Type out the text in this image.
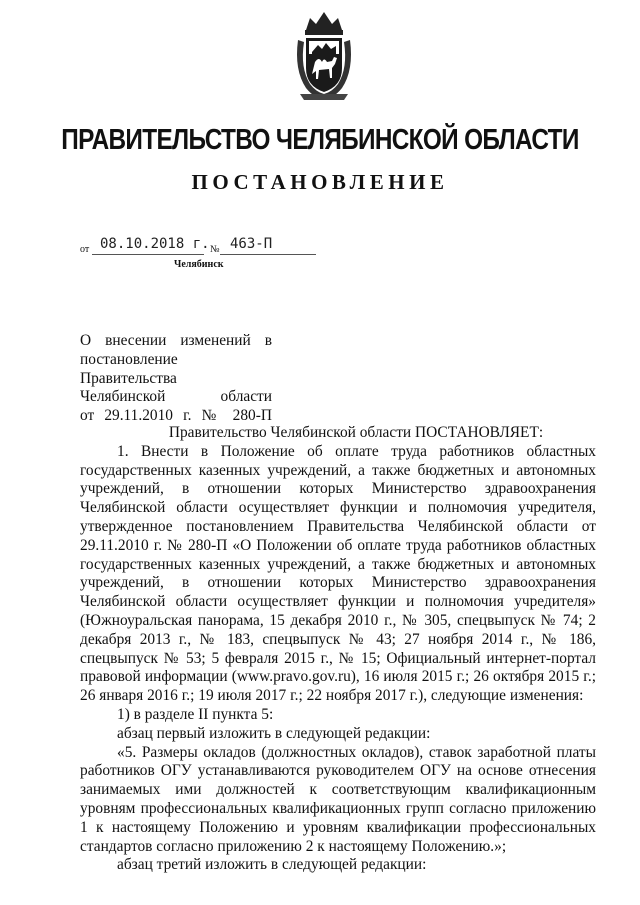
ПРАВИТЕЛЬСТВО ЧЕЛЯБИНСКОЙ ОБЛАСТИ
ПОСТАНОВЛЕНИЕ
от 08.10.2018 г. № 463-П
Челябинск
О внесении изменений в
постановление Правительства
Челябинской области
от 29.11.2010 г. № 280-П
Правительство Челябинской области ПОСТАНОВЛЯЕТ:
1. Внести в Положение об оплате труда работников областных государственных казенных учреждений, а также бюджетных и автономных учреждений, в отношении которых Министерство здравоохранения Челябинской области осуществляет функции и полномочия учредителя, утвержденное постановлением Правительства Челябинской области от 29.11.2010 г. № 280-П «О Положении об оплате труда работников областных государственных казенных учреждений, а также бюджетных и автономных учреждений, в отношении которых Министерство здравоохранения Челябинской области осуществляет функции и полномочия учредителя» (Южноуральская панорама, 15 декабря 2010 г., № 305, спецвыпуск № 74; 2 декабря 2013 г., № 183, спецвыпуск № 43; 27 ноября 2014 г., № 186, спецвыпуск № 53; 5 февраля 2015 г., № 15; Официальный интернет-портал правовой информации (www.pravo.gov.ru), 16 июля 2015 г.; 26 октября 2015 г.; 26 января 2016 г.; 19 июля 2017 г.; 22 ноября 2017 г.), следующие изменения:
1) в разделе II пункта 5:
абзац первый изложить в следующей редакции:
«5. Размеры окладов (должностных окладов), ставок заработной платы работников ОГУ устанавливаются руководителем ОГУ на основе отнесения занимаемых ими должностей к соответствующим квалификационным уровням профессиональных квалификационных групп согласно приложению 1 к настоящему Положению и уровням квалификации профессиональных стандартов согласно приложению 2 к настоящему Положению.»;
абзац третий изложить в следующей редакции:
